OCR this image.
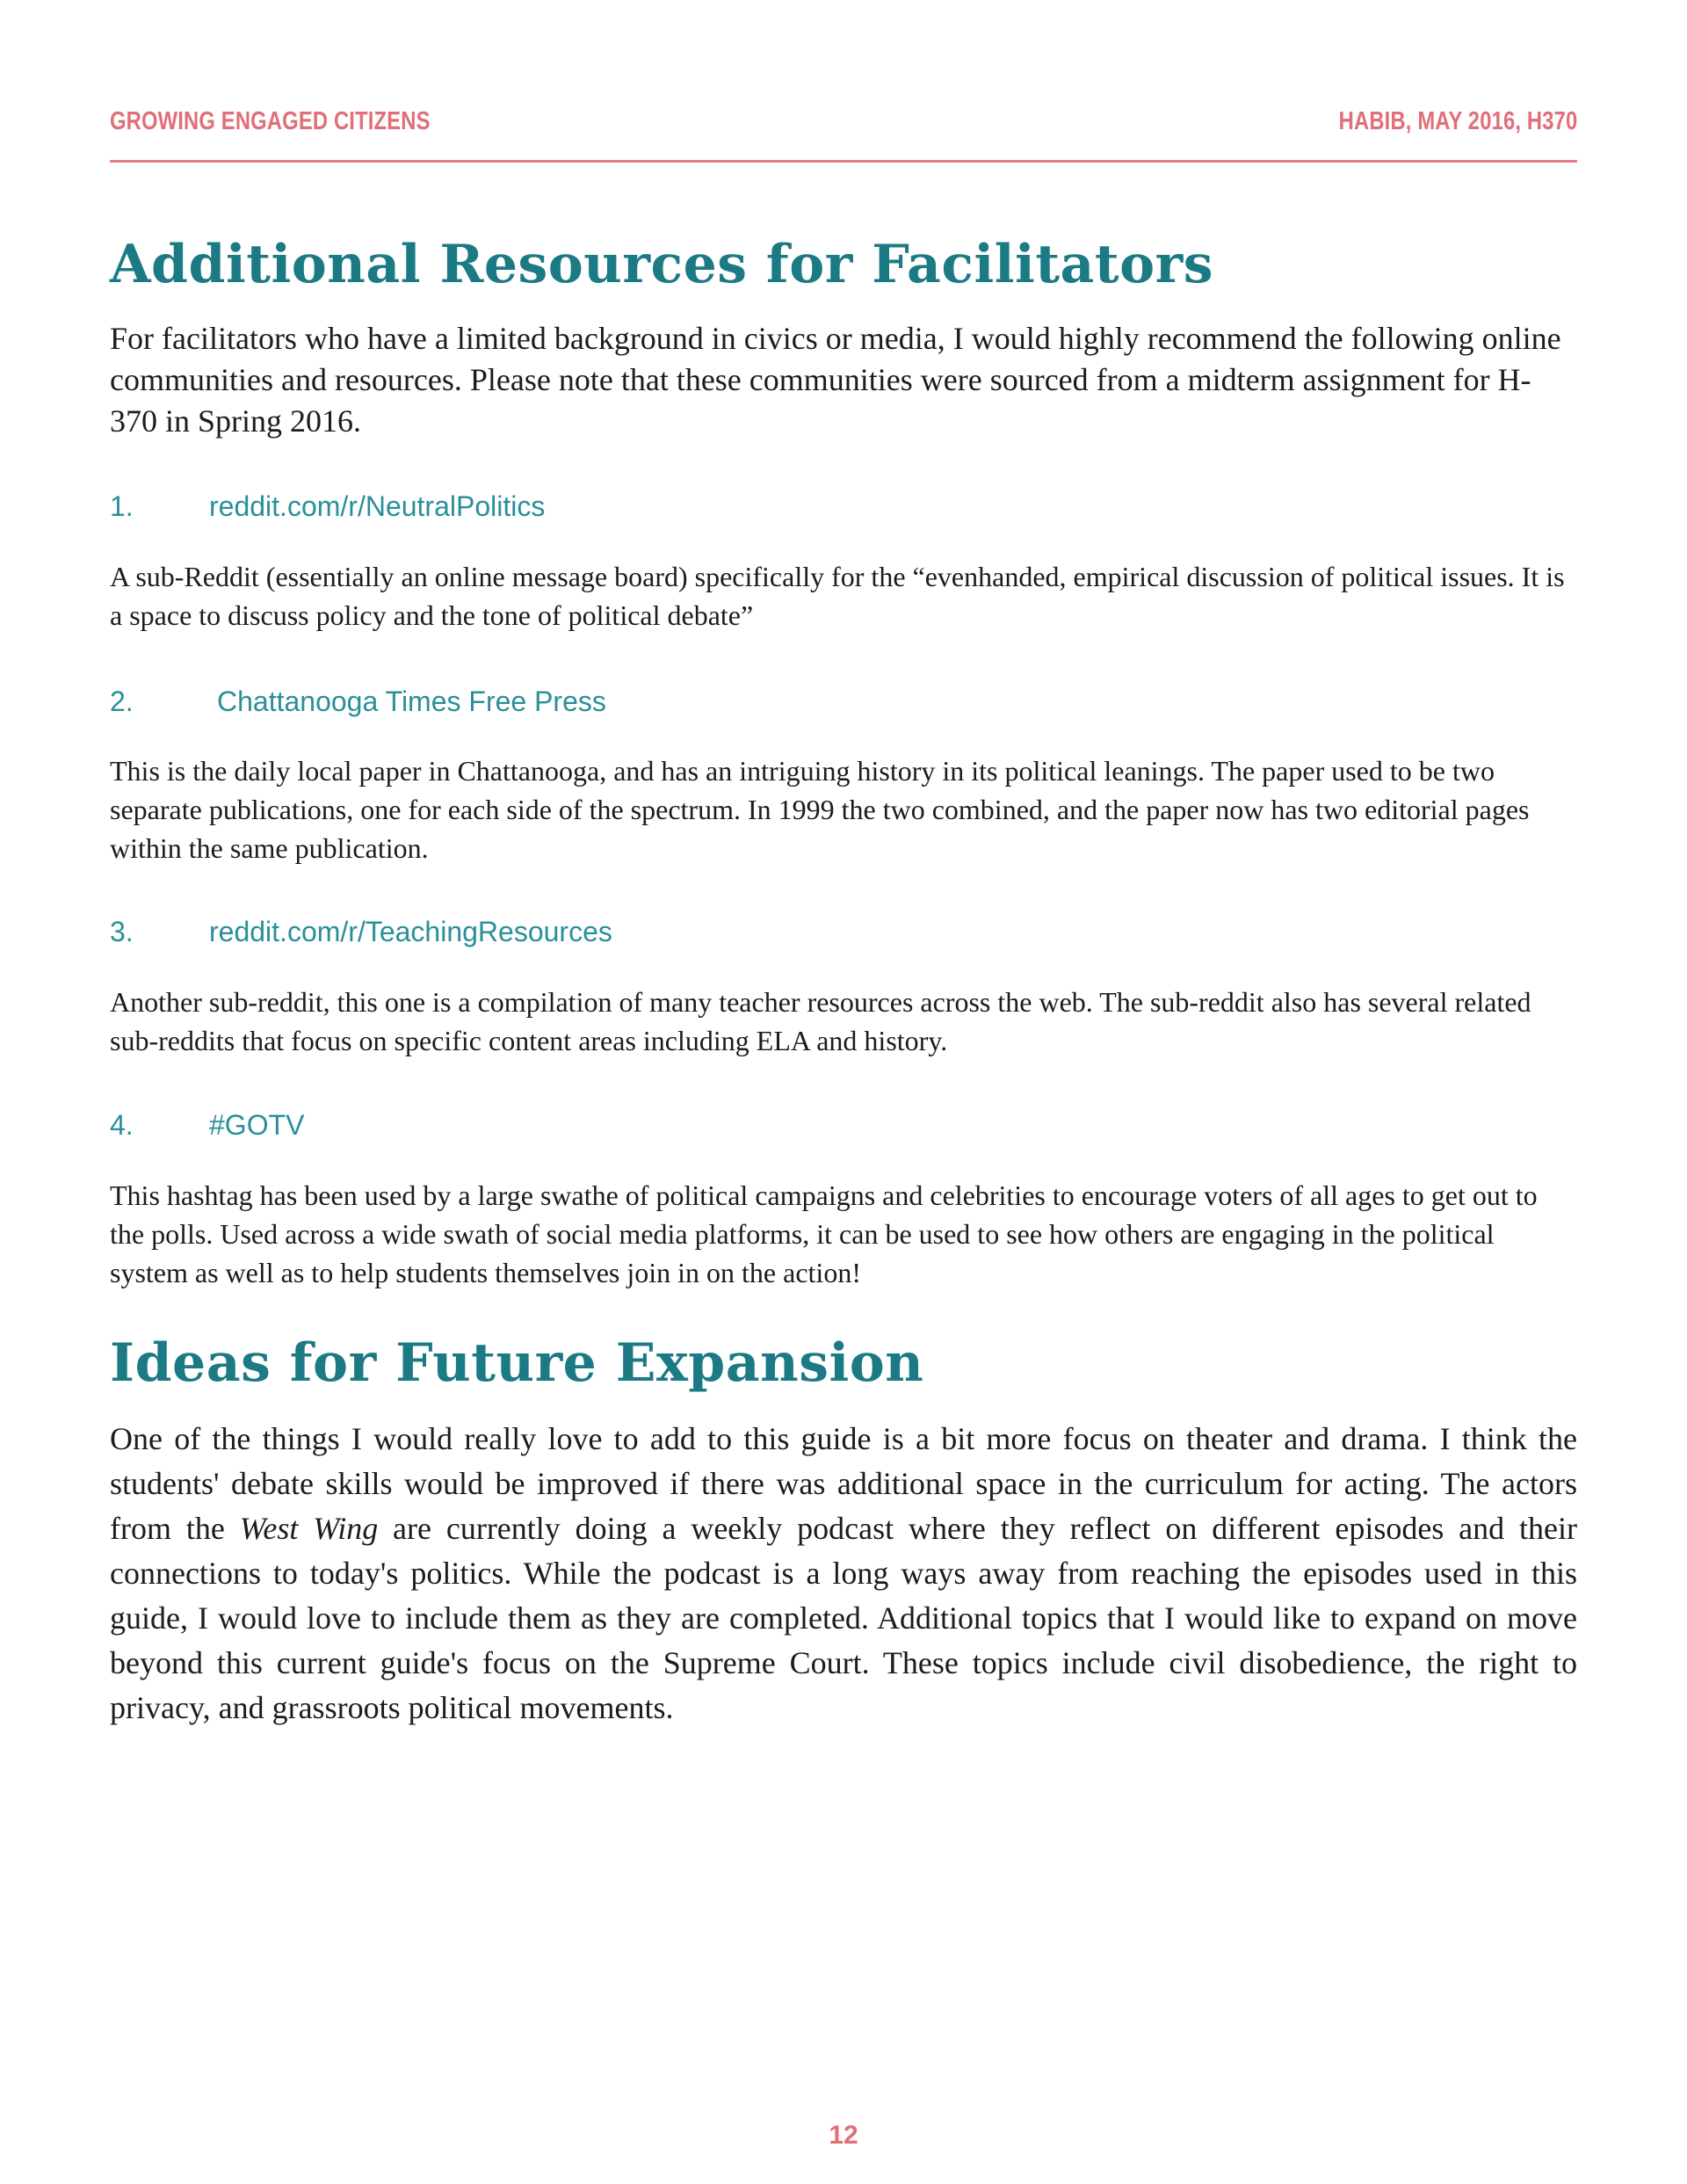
GROWING ENGAGED CITIZENS	HABIB, MAY 2016, H370
Additional Resources for Facilitators

For facilitators who have a limited background in civics or media, I would highly recommend the following online communities and resources. Please note that these communities were sourced from a midterm assignment for H-370 in Spring 2016.

1.	reddit.com/r/NeutralPolitics

A sub-Reddit (essentially an online message board) specifically for the “evenhanded, empirical discussion of political issues. It is a space to discuss policy and the tone of political debate”

2.	Chattanooga Times Free Press

This is the daily local paper in Chattanooga, and has an intriguing history in its political leanings. The paper used to be two separate publications, one for each side of the spectrum. In 1999 the two combined, and the paper now has two editorial pages within the same publication.

3.	reddit.com/r/TeachingResources

Another sub-reddit, this one is a compilation of many teacher resources across the web. The sub-reddit also has several related sub-reddits that focus on specific content areas including ELA and history.

4.	#GOTV

This hashtag has been used by a large swathe of political campaigns and celebrities to encourage voters of all ages to get out to the polls. Used across a wide swath of social media platforms, it can be used to see how others are engaging in the political system as well as to help students themselves join in on the action!

Ideas for Future Expansion

One of the things I would really love to add to this guide is a bit more focus on theater and drama. I think the students' debate skills would be improved if there was additional space in the curriculum for acting. The actors from the West Wing are currently doing a weekly podcast where they reflect on different episodes and their connections to today's politics. While the podcast is a long ways away from reaching the episodes used in this guide, I would love to include them as they are completed. Additional topics that I would like to expand on move beyond this current guide's focus on the Supreme Court. These topics include civil disobedience, the right to privacy, and grassroots political movements.

12
